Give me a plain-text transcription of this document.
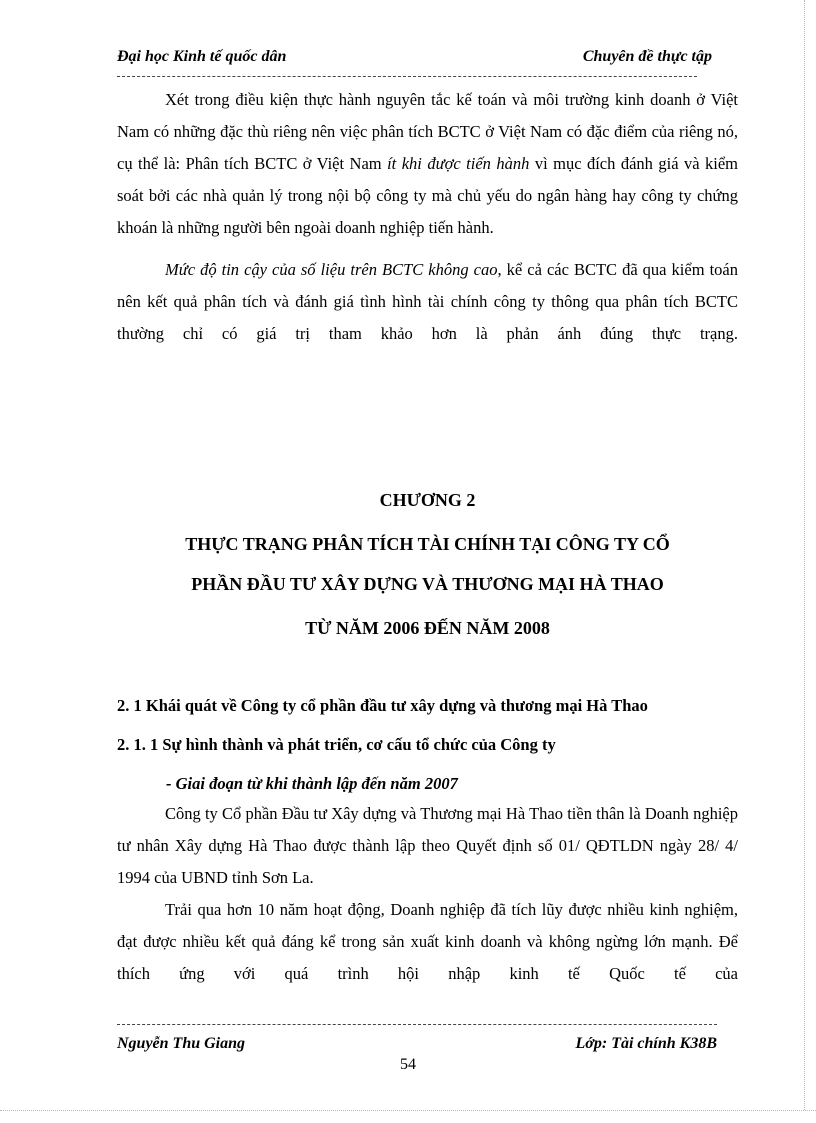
Đại học Kinh tế quốc dân	Chuyên đề thực tập

Xét trong điều kiện thực hành nguyên tắc kế toán và môi trường kinh doanh ở Việt Nam có những đặc thù riêng nên việc phân tích BCTC ở Việt Nam có đặc điểm của riêng nó, cụ thể là: Phân tích BCTC ở Việt Nam ít khi được tiến hành vì mục đích đánh giá và kiểm soát bởi các nhà quản lý trong nội bộ công ty mà chủ yếu do ngân hàng hay công ty chứng khoán là những người bên ngoài doanh nghiệp tiến hành.

Mức độ tin cậy của số liệu trên BCTC không cao, kể cả các BCTC đã qua kiểm toán nên kết quả phân tích và đánh giá tình hình tài chính công ty thông qua phân tích BCTC thường chỉ có giá trị tham khảo hơn là phản ánh đúng thực trạng.

CHƯƠNG 2
THỰC TRẠNG PHÂN TÍCH TÀI CHÍNH TẠI CÔNG TY CỔ
PHẦN ĐẦU TƯ XÂY DỰNG VÀ THƯƠNG MẠI HÀ THAO
TỪ NĂM 2006 ĐẾN NĂM 2008
2. 1 Khái quát về Công ty cổ phần đầu tư xây dựng và thương mại Hà Thao
2. 1. 1 Sự hình thành và phát triển, cơ cấu tổ chức của Công ty
- Giai đoạn từ khi thành lập đến năm 2007

Công ty Cổ phần Đầu tư Xây dựng và Thương mại Hà Thao tiền thân là Doanh nghiệp tư nhân Xây dựng Hà Thao được thành lập theo Quyết định số 01/ QĐTLDN ngày 28/ 4/ 1994 của UBND tỉnh Sơn La.

Trải qua hơn 10 năm hoạt động, Doanh nghiệp đã tích lũy được nhiều kinh nghiệm, đạt được nhiều kết quả đáng kể trong sản xuất kinh doanh và không ngừng lớn mạnh. Để thích ứng với quá trình hội nhập kinh tế Quốc tế của

Nguyễn Thu Giang	Lớp: Tài chính K38B
54
